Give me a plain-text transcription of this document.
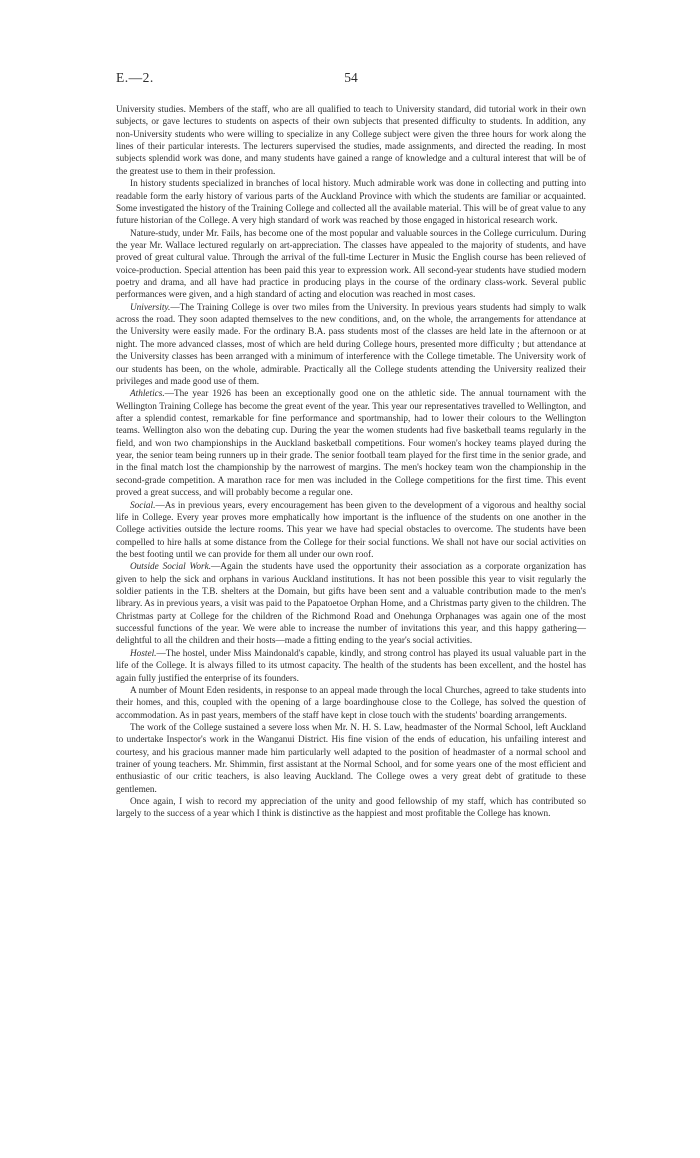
E.—2.	54

University studies. Members of the staff, who are all qualified to teach to University standard, did tutorial work in their own subjects, or gave lectures to students on aspects of their own subjects that presented difficulty to students. In addition, any non-University students who were willing to specialize in any College subject were given the three hours for work along the lines of their particular interests. The lecturers supervised the studies, made assignments, and directed the reading. In most subjects splendid work was done, and many students have gained a range of knowledge and a cultural interest that will be of the greatest use to them in their profession.

In history students specialized in branches of local history. Much admirable work was done in collecting and putting into readable form the early history of various parts of the Auckland Province with which the students are familiar or acquainted. Some investigated the history of the Training College and collected all the available material. This will be of great value to any future historian of the College. A very high standard of work was reached by those engaged in historical research work.

Nature-study, under Mr. Fails, has become one of the most popular and valuable sources in the College curriculum. During the year Mr. Wallace lectured regularly on art-appreciation. The classes have appealed to the majority of students, and have proved of great cultural value. Through the arrival of the full-time Lecturer in Music the English course has been relieved of voice-production. Special attention has been paid this year to expression work. All second-year students have studied modern poetry and drama, and all have had practice in producing plays in the course of the ordinary class-work. Several public performances were given, and a high standard of acting and elocution was reached in most cases.

University.—The Training College is over two miles from the University. In previous years students had simply to walk across the road. They soon adapted themselves to the new conditions, and, on the whole, the arrangements for attendance at the University were easily made. For the ordinary B.A. pass students most of the classes are held late in the afternoon or at night. The more advanced classes, most of which are held during College hours, presented more difficulty ; but attendance at the University classes has been arranged with a minimum of interference with the College timetable. The University work of our students has been, on the whole, admirable. Practically all the College students attending the University realized their privileges and made good use of them.

Athletics.—The year 1926 has been an exceptionally good one on the athletic side. The annual tournament with the Wellington Training College has become the great event of the year. This year our representatives travelled to Wellington, and after a splendid contest, remarkable for fine performance and sportmanship, had to lower their colours to the Wellington teams. Wellington also won the debating cup. During the year the women students had five basketball teams regularly in the field, and won two championships in the Auckland basketball competitions. Four women's hockey teams played during the year, the senior team being runners up in their grade. The senior football team played for the first time in the senior grade, and in the final match lost the championship by the narrowest of margins. The men's hockey team won the championship in the second-grade competition. A marathon race for men was included in the College competitions for the first time. This event proved a great success, and will probably become a regular one.

Social.—As in previous years, every encouragement has been given to the development of a vigorous and healthy social life in College. Every year proves more emphatically how important is the influence of the students on one another in the College activities outside the lecture rooms. This year we have had special obstacles to overcome. The students have been compelled to hire halls at some distance from the College for their social functions. We shall not have our social activities on the best footing until we can provide for them all under our own roof.

Outside Social Work.—Again the students have used the opportunity their association as a corporate organization has given to help the sick and orphans in various Auckland institutions. It has not been possible this year to visit regularly the soldier patients in the T.B. shelters at the Domain, but gifts have been sent and a valuable contribution made to the men's library. As in previous years, a visit was paid to the Papatoetoe Orphan Home, and a Christmas party given to the children. The Christmas party at College for the children of the Richmond Road and Onehunga Orphanages was again one of the most successful functions of the year. We were able to increase the number of invitations this year, and this happy gathering—delightful to all the children and their hosts—made a fitting ending to the year's social activities.

Hostel.—The hostel, under Miss Maindonald's capable, kindly, and strong control has played its usual valuable part in the life of the College. It is always filled to its utmost capacity. The health of the students has been excellent, and the hostel has again fully justified the enterprise of its founders.

A number of Mount Eden residents, in response to an appeal made through the local Churches, agreed to take students into their homes, and this, coupled with the opening of a large boardinghouse close to the College, has solved the question of accommodation. As in past years, members of the staff have kept in close touch with the students' boarding arrangements.

The work of the College sustained a severe loss when Mr. N. H. S. Law, headmaster of the Normal School, left Auckland to undertake Inspector's work in the Wanganui District. His fine vision of the ends of education, his unfailing interest and courtesy, and his gracious manner made him particularly well adapted to the position of headmaster of a normal school and trainer of young teachers. Mr. Shimmin, first assistant at the Normal School, and for some years one of the most efficient and enthusiastic of our critic teachers, is also leaving Auckland. The College owes a very great debt of gratitude to these gentlemen.

Once again, I wish to record my appreciation of the unity and good fellowship of my staff, which has contributed so largely to the success of a year which I think is distinctive as the happiest and most profitable the College has known.
